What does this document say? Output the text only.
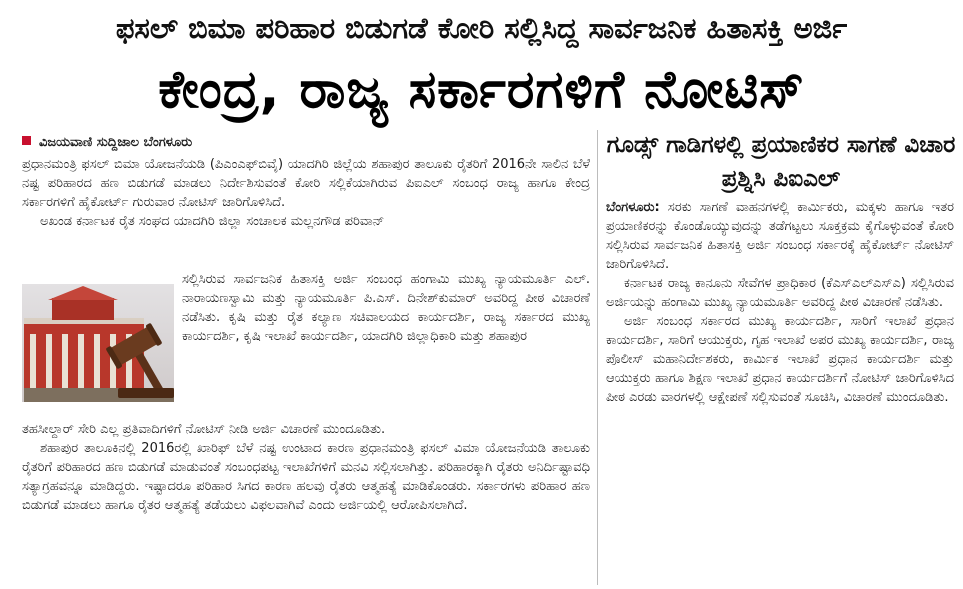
ಫಸಲ್ ಬಿಮಾ ಪರಿಹಾರ ಬಿಡುಗಡೆ ಕೋರಿ ಸಲ್ಲಿಸಿದ್ದ ಸಾರ್ವಜನಿಕ ಹಿತಾಸಕ್ತಿ ಅರ್ಜಿ
ಕೇಂದ್ರ, ರಾಜ್ಯ ಸರ್ಕಾರಗಳಿಗೆ ನೋಟಿಸ್
ವಿಜಯವಾಣಿ ಸುದ್ದಿಜಾಲ ಬೆಂಗಳೂರು

ಪ್ರಧಾನಮಂತ್ರಿ ಫಸಲ್ ಬಿಮಾ ಯೋಜನೆಯಡಿ (ಪಿಎಂಎಫ್‌ಬಿವೈ) ಯಾದಗಿರಿ ಜಿಲ್ಲೆಯ ಶಹಾಪುರ ತಾಲೂಕು ರೈತರಿಗೆ 2016ನೇ ಸಾಲಿನ ಬೆಳೆ ನಷ್ಟ ಪರಿಹಾರದ ಹಣ ಬಿಡುಗಡೆ ಮಾಡಲು ನಿರ್ದೇಶಿಸುವಂತೆ ಕೋರಿ ಸಲ್ಲಿಕೆಯಾಗಿರುವ ಪಿಐಎಲ್ ಸಂಬಂಧ ರಾಜ್ಯ ಹಾಗೂ ಕೇಂದ್ರ ಸರ್ಕಾರಗಳಿಗೆ ಹೈಕೋರ್ಟ್ ಗುರುವಾರ ನೋಟಿಸ್ ಜಾರಿಗೊಳಿಸಿದೆ.

ಅಖಂಡ ಕರ್ನಾಟಕ ರೈತ ಸಂಘದ ಯಾದಗಿರಿ ಜಿಲ್ಲಾ ಸಂಚಾಲಕ ಮಲ್ಲನಗೌಡ ಪರಿವಾನ್

ಸಲ್ಲಿಸಿರುವ ಸಾರ್ವಜನಿಕ ಹಿತಾಸಕ್ತಿ ಅರ್ಜಿ ಸಂಬಂಧ ಹಂಗಾಮಿ ಮುಖ್ಯ ನ್ಯಾಯಮೂರ್ತಿ ಎಲ್. ನಾರಾಯಣಸ್ವಾಮಿ ಮತ್ತು ನ್ಯಾಯಮೂರ್ತಿ ಪಿ.ಎಸ್. ದಿನೇಶ್‌ಕುಮಾರ್ ಅವರಿದ್ದ ಪೀಠ ವಿಚಾರಣೆ ನಡೆಸಿತು. ಕೃಷಿ ಮತ್ತು ರೈತ ಕಲ್ಯಾಣ ಸಚಿವಾಲಯದ ಕಾರ್ಯದರ್ಶಿ, ರಾಜ್ಯ ಸರ್ಕಾರದ ಮುಖ್ಯ ಕಾರ್ಯದರ್ಶಿ, ಕೃಷಿ ಇಲಾಖೆ ಕಾರ್ಯದರ್ಶಿ, ಯಾದಗಿರಿ ಜಿಲ್ಲಾಧಿಕಾರಿ ಮತ್ತು ಶಹಾಪುರ

ತಹಸೀಲ್ದಾರ್ ಸೇರಿ ಎಲ್ಲ ಪ್ರತಿವಾದಿಗಳಿಗೆ ನೋಟಿಸ್ ನೀಡಿ ಅರ್ಜಿ ವಿಚಾರಣೆ ಮುಂದೂಡಿತು.

ಶಹಾಪುರ ತಾಲೂಕಿನಲ್ಲಿ 2016ರಲ್ಲಿ ಖಾರಿಫ್ ಬೆಳೆ ನಷ್ಟ ಉಂಟಾದ ಕಾರಣ ಪ್ರಧಾನಮಂತ್ರಿ ಫಸಲ್ ವಿಮಾ ಯೋಜನೆಯಡಿ ತಾಲೂಕು ರೈತರಿಗೆ ಪರಿಹಾರದ ಹಣ ಬಿಡುಗಡೆ ಮಾಡುವಂತೆ ಸಂಬಂಧಪಟ್ಟ ಇಲಾಖೆಗಳಿಗೆ ಮನವಿ ಸಲ್ಲಿಸಲಾಗಿತ್ತು. ಪರಿಹಾರಕ್ಕಾಗಿ ರೈತರು ಅನಿರ್ದಿಷ್ಟಾವಧಿ ಸತ್ಯಾಗ್ರಹವನ್ನೂ ಮಾಡಿದ್ದರು. ಇಷ್ಟಾದರೂ ಪರಿಹಾರ ಸಿಗದ ಕಾರಣ ಹಲವು ರೈತರು ಆತ್ಮಹತ್ಯೆ ಮಾಡಿಕೊಂಡರು. ಸರ್ಕಾರಗಳು ಪರಿಹಾರ ಹಣ ಬಿಡುಗಡೆ ಮಾಡಲು ಹಾಗೂ ರೈತರ ಆತ್ಮಹತ್ಯೆ ತಡೆಯಲು ವಿಫಲವಾಗಿವೆ ಎಂದು ಅರ್ಜಿಯಲ್ಲಿ ಆರೋಪಿಸಲಾಗಿದೆ.

ಗೂಡ್ಸ್ ಗಾಡಿಗಳಲ್ಲಿ ಪ್ರಯಾಣಿಕರ ಸಾಗಣೆ ವಿಚಾರ ಪ್ರಶ್ನಿಸಿ ಪಿಐಎಲ್

ಬೆಂಗಳೂರು: ಸರಕು ಸಾಗಣೆ ವಾಹನಗಳಲ್ಲಿ ಕಾರ್ಮಿಕರು, ಮಕ್ಕಳು ಹಾಗೂ ಇತರ ಪ್ರಯಾಣಿಕರನ್ನು ಕೊಂಡೊಯ್ಯುವುದನ್ನು ತಡೆಗಟ್ಟಲು ಸೂಕ್ತಕ್ರಮ ಕೈಗೊಳ್ಳುವಂತೆ ಕೋರಿ ಸಲ್ಲಿಸಿರುವ ಸಾರ್ವಜನಿಕ ಹಿತಾಸಕ್ತಿ ಅರ್ಜಿ ಸಂಬಂಧ ಸರ್ಕಾರಕ್ಕೆ ಹೈಕೋರ್ಟ್ ನೋಟಿಸ್ ಜಾರಿಗೊಳಿಸಿದೆ.

ಕರ್ನಾಟಕ ರಾಜ್ಯ ಕಾನೂನು ಸೇವೆಗಳ ಪ್ರಾಧಿಕಾರ (ಕೆಎಸ್‌ಎಲ್‌ಎಸ್‌ಎ) ಸಲ್ಲಿಸಿರುವ ಅರ್ಜಿಯನ್ನು ಹಂಗಾಮಿ ಮುಖ್ಯ ನ್ಯಾಯಮೂರ್ತಿ ಅವರಿದ್ದ ಪೀಠ ವಿಚಾರಣೆ ನಡೆಸಿತು.

ಅರ್ಜಿ ಸಂಬಂಧ ಸರ್ಕಾರದ ಮುಖ್ಯ ಕಾರ್ಯದರ್ಶಿ, ಸಾರಿಗೆ ಇಲಾಖೆ ಪ್ರಧಾನ ಕಾರ್ಯದರ್ಶಿ, ಸಾರಿಗೆ ಆಯುಕ್ತರು, ಗೃಹ ಇಲಾಖೆ ಅಪರ ಮುಖ್ಯ ಕಾರ್ಯದರ್ಶಿ, ರಾಜ್ಯ ಪೊಲೀಸ್ ಮಹಾನಿರ್ದೇಶಕರು, ಕಾರ್ಮಿಕ ಇಲಾಖೆ ಪ್ರಧಾನ ಕಾರ್ಯದರ್ಶಿ ಮತ್ತು ಆಯುಕ್ತರು ಹಾಗೂ ಶಿಕ್ಷಣ ಇಲಾಖೆ ಪ್ರಧಾನ ಕಾರ್ಯದರ್ಶಿಗೆ ನೋಟಿಸ್ ಜಾರಿಗೊಳಿಸಿದ ಪೀಠ ಎರಡು ವಾರಗಳಲ್ಲಿ ಆಕ್ಷೇಪಣೆ ಸಲ್ಲಿಸುವಂತೆ ಸೂಚಿಸಿ, ವಿಚಾರಣೆ ಮುಂದೂಡಿತು.
